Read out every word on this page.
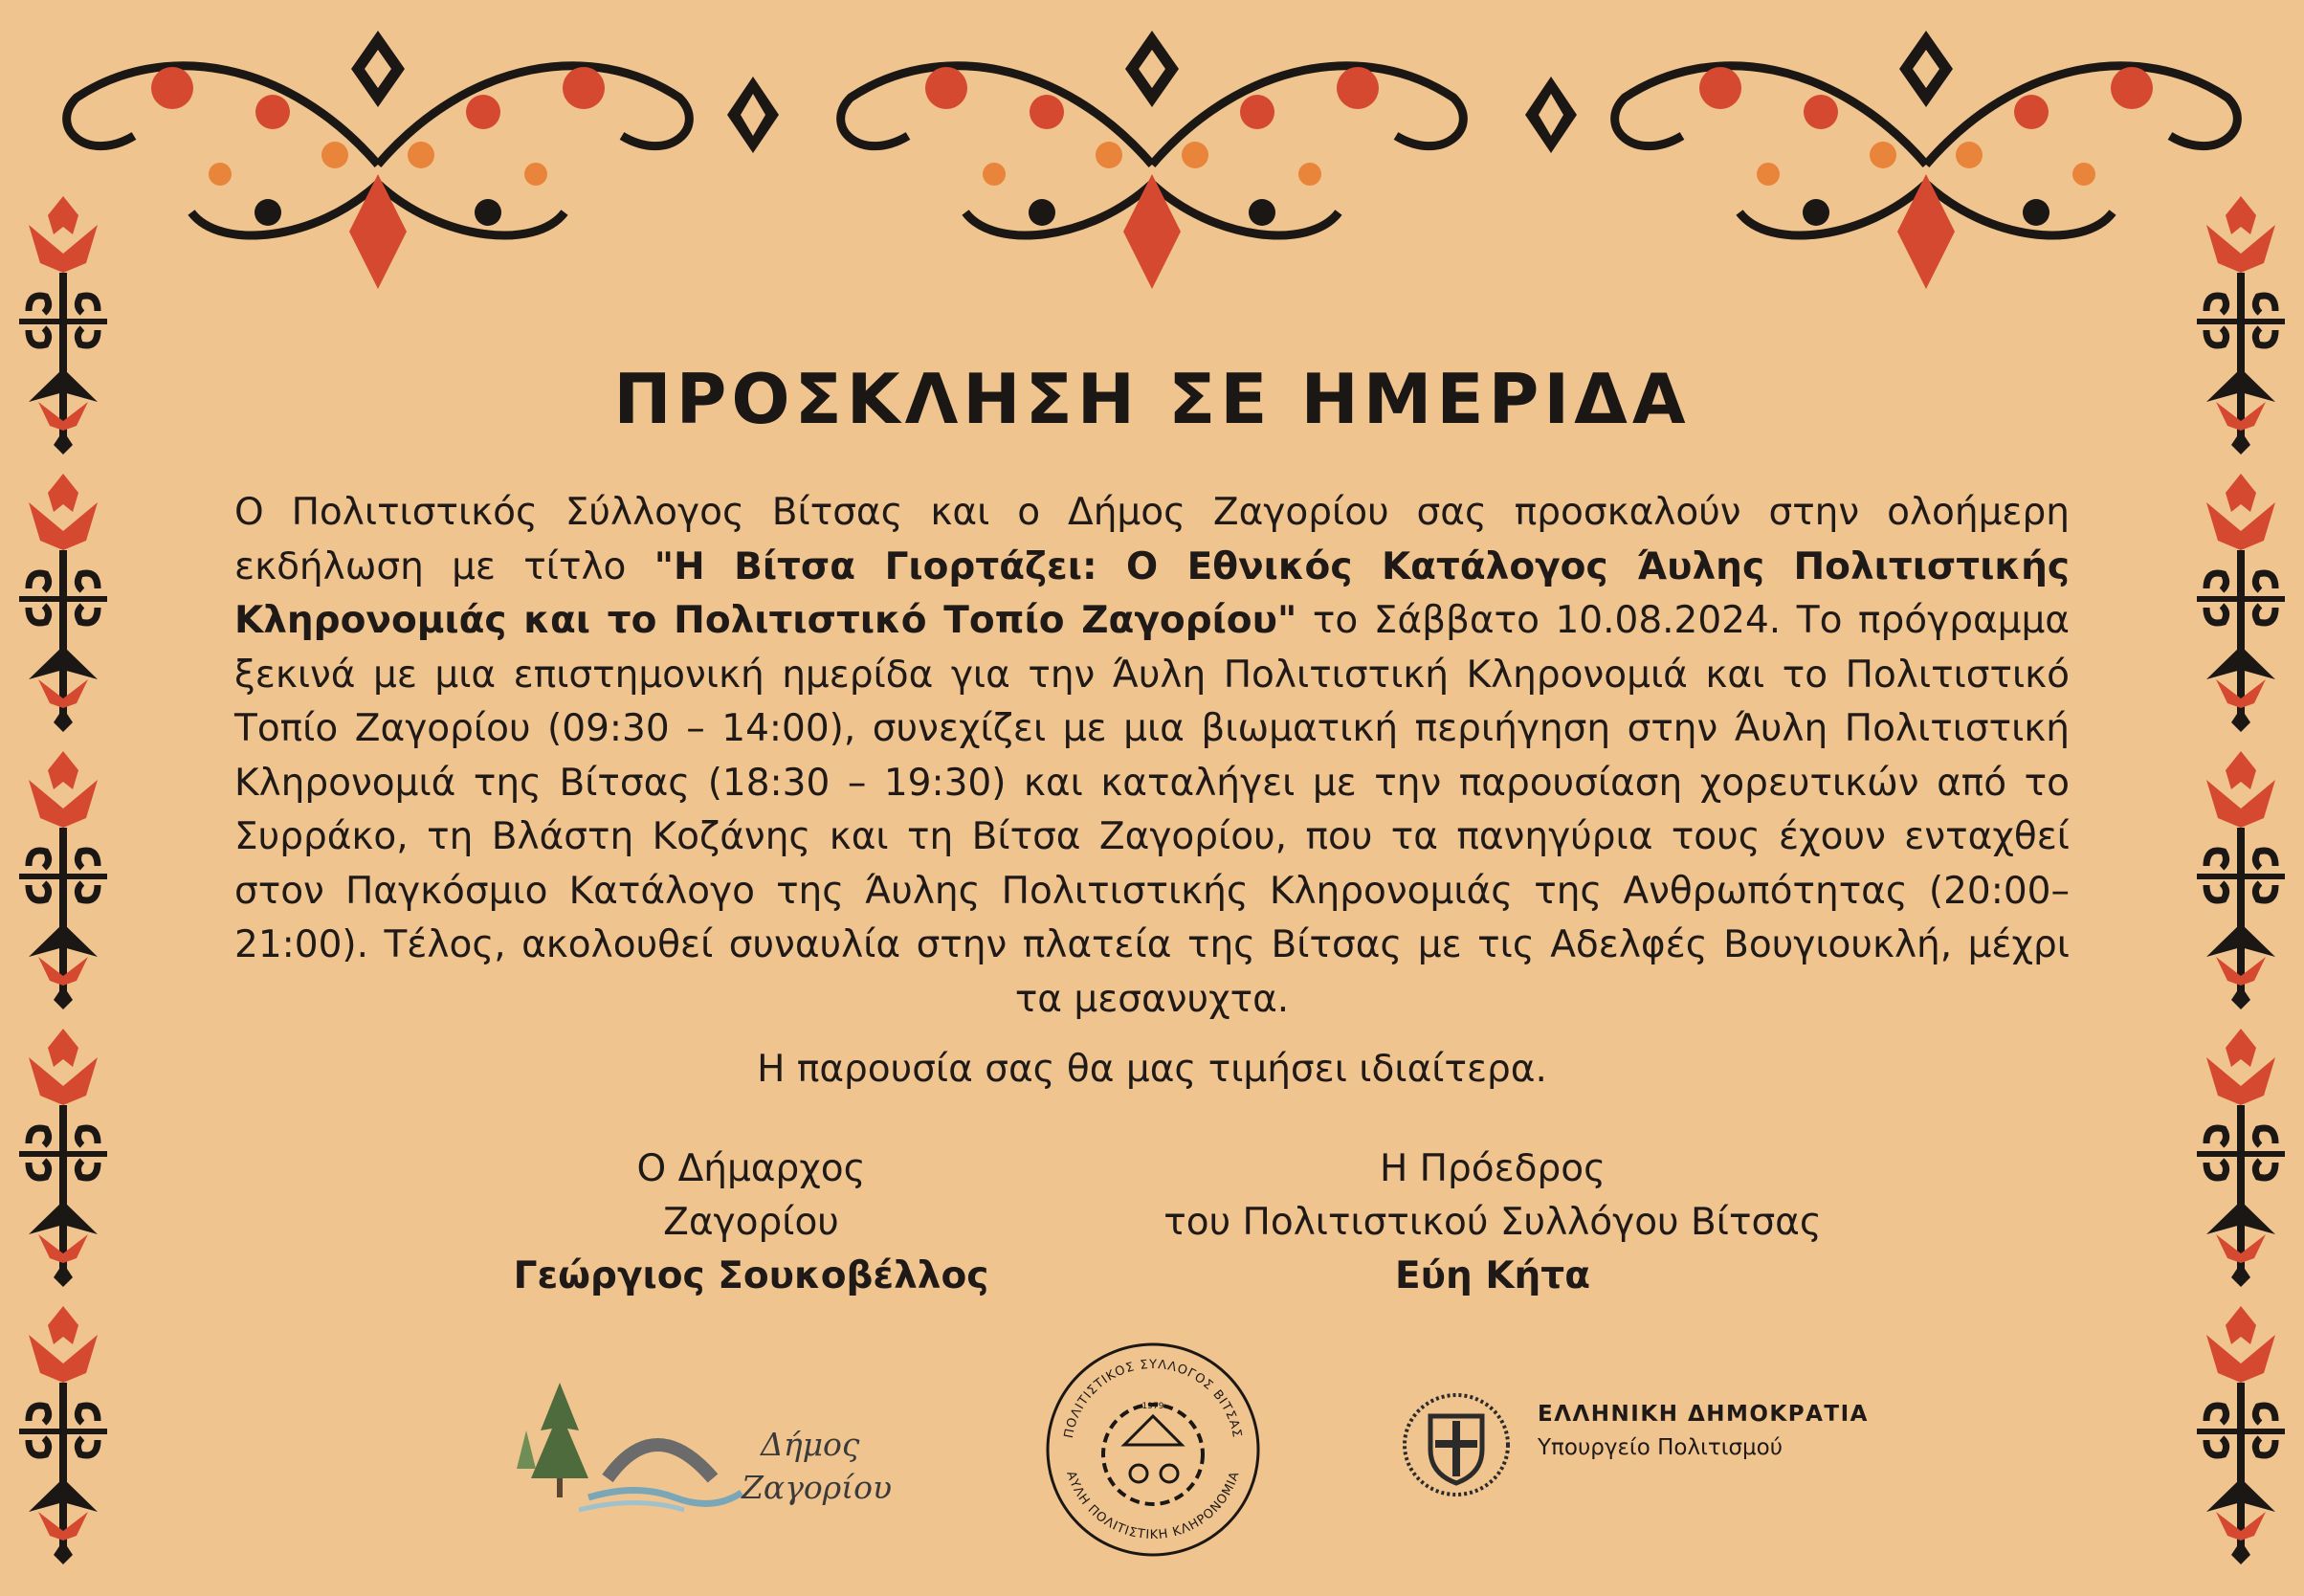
ΠΡΟΣΚΛΗΣΗ ΣΕ ΗΜΕΡΙΔΑ
Ο Πολιτιστικός Σύλλογος Βίτσας και ο Δήμος Ζαγορίου σας προσκαλούν στην ολοήμερη εκδήλωση με τίτλο "Η Βίτσα Γιορτάζει: Ο Εθνικός Κατάλογος Άυλης Πολιτιστικής Κληρονομιάς και το Πολιτιστικό Τοπίο Ζαγορίου" το Σάββατο 10.08.2024. Το πρόγραμμα ξεκινά με μια επιστημονική ημερίδα για την Άυλη Πολιτιστική Κληρονομιά και το Πολιτιστικό Τοπίο Ζαγορίου (09:30 – 14:00), συνεχίζει με μια βιωματική περιήγηση στην Άυλη Πολιτιστική Κληρονομιά της Βίτσας (18:30 – 19:30) και καταλήγει με την παρουσίαση χορευτικών από το Συρράκο, τη Βλάστη Κοζάνης και τη Βίτσα Ζαγορίου, που τα πανηγύρια τους έχουν ενταχθεί στον Παγκόσμιο Κατάλογο της Άυλης Πολιτιστικής Κληρονομιάς της Ανθρωπότητας (20:00–21:00). Τέλος, ακολουθεί συναυλία στην πλατεία της Βίτσας με τις Αδελφές Βουγιουκλή, μέχρι τα μεσανυχτα.
Η παρουσία σας θα μας τιμήσει ιδιαίτερα.
Ο Δήμαρχος
Ζαγορίου
Γεώργιος Σουκοβέλλος
Η Πρόεδρος
του Πολιτιστικού Συλλόγου Βίτσας
Εύη Κήτα
Δήμος
Ζαγορίου
ΠΟΛΙΤΙΣΤΙΚΟΣ ΣΥΛΛΟΓΟΣ ΒΙΤΣΑΣ
ΑΥΛΗ ΠΟΛΙΤΙΣΤΙΚΗ ΚΛΗΡΟΝΟΜΙΑ
1979	ΕΛΛΗΝΙΚΗ ΔΗΜΟΚΡΑΤΙΑ
Υπουργείο Πολιτισμού
